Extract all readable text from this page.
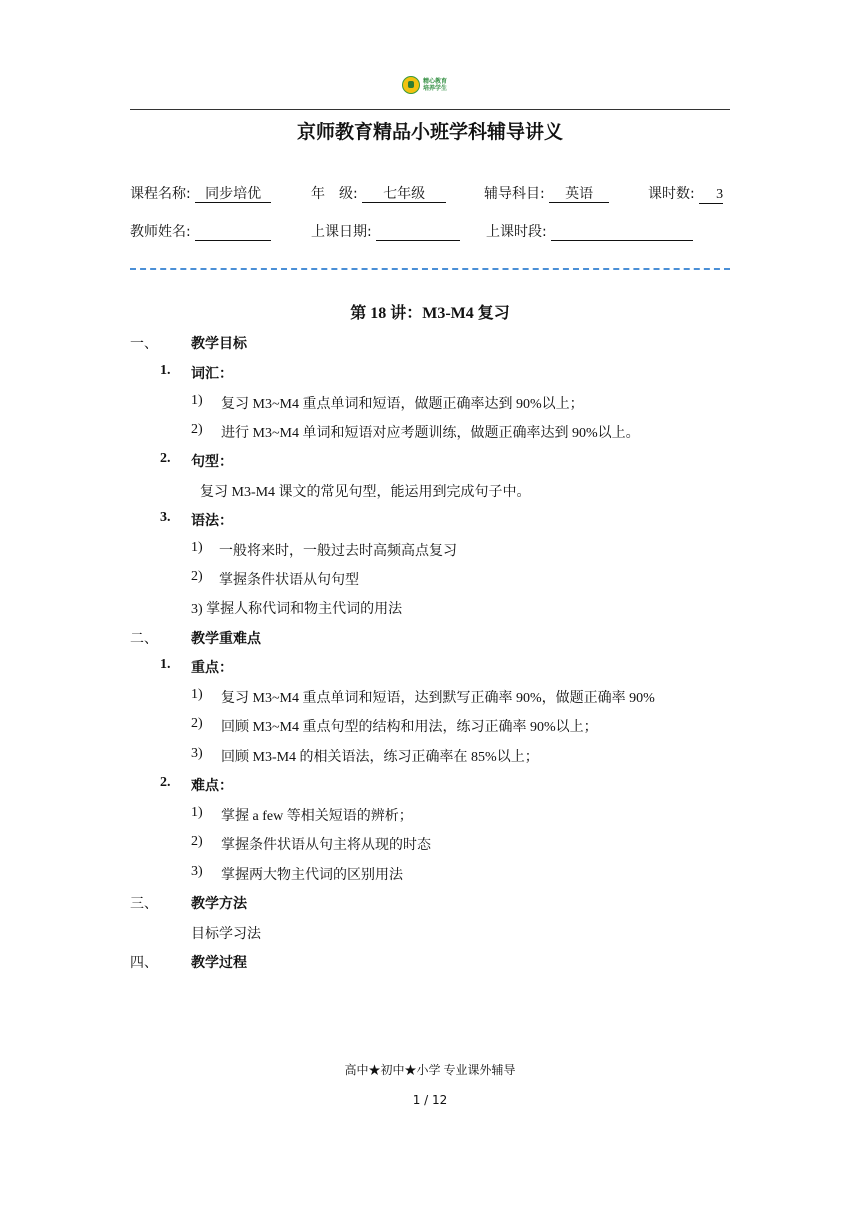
精心教育
培养学生
京师教育精品小班学科辅导讲义
课程名称: 同步培优	年　级: 七年级	辅导科目: 英语	课时数: 3
教师姓名:	上课日期:	上课时段:
第 18 讲：M3-M4 复习
一、 教学目标
1. 词汇：
1) 复习 M3~M4 重点单词和短语，做题正确率达到 90%以上；
2) 进行 M3~M4 单词和短语对应考题训练，做题正确率达到 90%以上。
2. 句型：
复习 M3-M4 课文的常见句型，能运用到完成句子中。
3. 语法：
1) 一般将来时，一般过去时高频高点复习
2) 掌握条件状语从句句型
3) 掌握人称代词和物主代词的用法
二、 教学重难点
1. 重点：
1) 复习 M3~M4 重点单词和短语，达到默写正确率 90%，做题正确率 90%
2) 回顾 M3~M4 重点句型的结构和用法，练习正确率 90%以上；
3) 回顾 M3-M4 的相关语法，练习正确率在 85%以上；
2. 难点：
1) 掌握 a few 等相关短语的辨析；
2) 掌握条件状语从句主将从现的时态
3) 掌握两大物主代词的区别用法
三、 教学方法
目标学习法
四、 教学过程
高中★初中★小学 专业课外辅导
1 / 12
